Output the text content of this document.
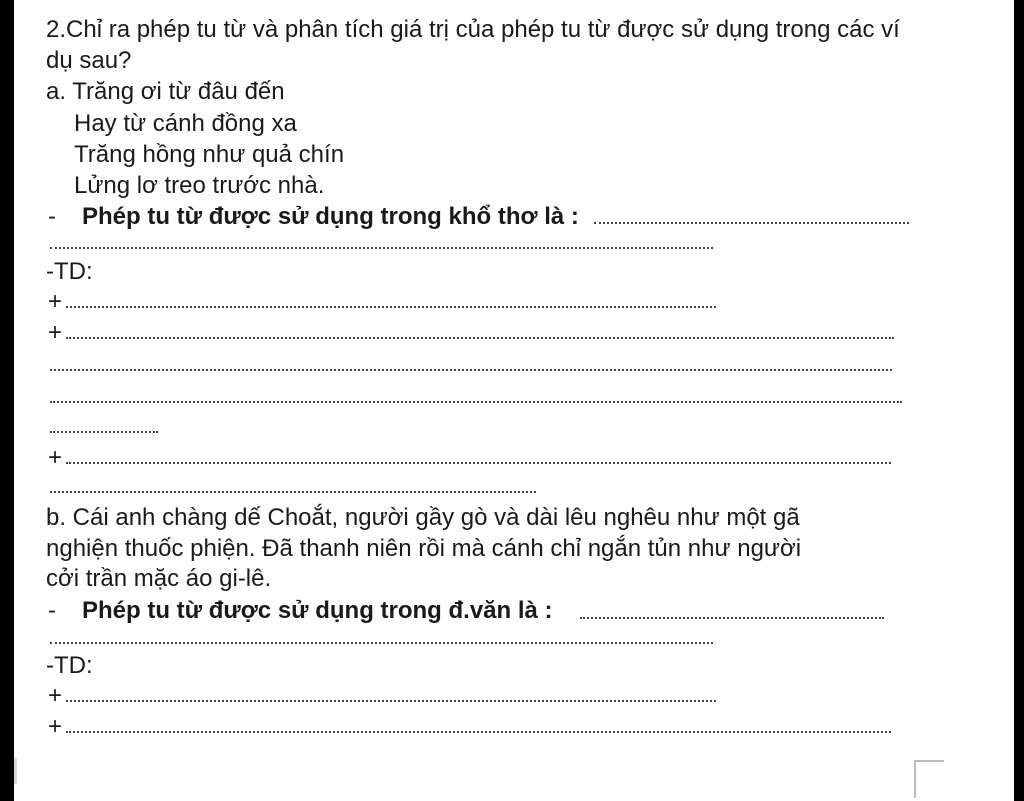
2.Chỉ ra phép tu từ và phân tích giá trị của phép tu từ được sử dụng trong các ví
dụ sau?
a. Trăng ơi từ đâu đến
Hay từ cánh đồng xa
Trăng hồng như quả chín
Lửng lơ treo trước nhà.
- Phép tu từ được sử dụng trong khổ thơ là :
-TD:
+
+
+
b. Cái anh chàng dế Choắt, người gầy gò và dài lêu nghêu như một gã
nghiện thuốc phiện. Đã thanh niên rồi mà cánh chỉ ngắn tủn như người
cởi trần mặc áo gi-lê.
- Phép tu từ được sử dụng trong đ.văn là :
-TD:
+
+
